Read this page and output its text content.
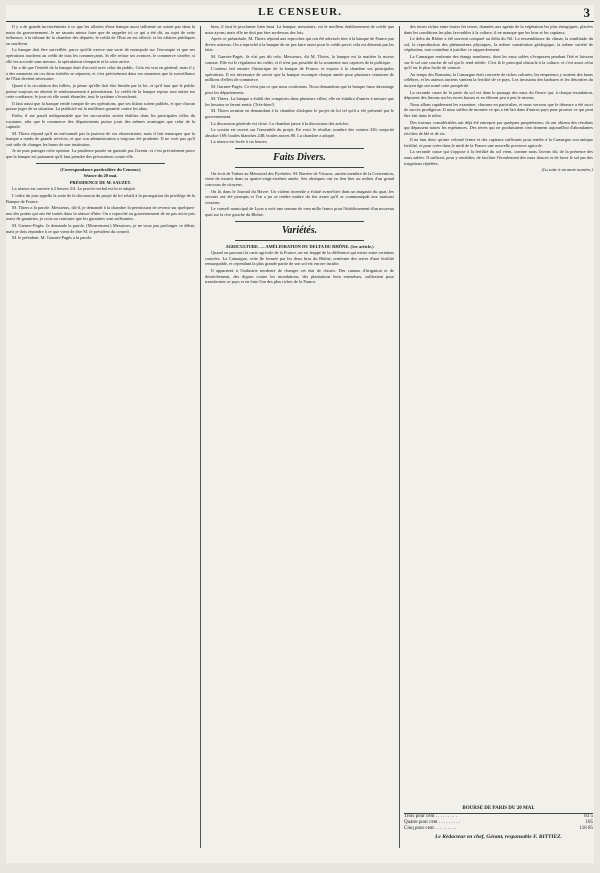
LE CENSEUR.	3

Il y a de grands inconvénients à ce que les affaires d'une banque aussi influente ne soient pas dans la main du gouvernement. Je ne saurais mieux faire que de rappeler ici ce qui a été dit, au sujet de cette influence, à la tribune de la chambre des députés; le crédit de l'Etat en est affecté, et les affaires publiques en souffrent.

La banque doit être surveillée, parce qu'elle exerce une sorte de monopole sur l'escompte et que ses opérations touchent au crédit de tous les commerçants. Si elle refuse ses avances, le commerce s'arrête; si elle les accorde sans mesure, la spéculation s'emporte et la crise arrive.

On a dit que l'intérêt de la banque était d'accord avec celui du public. Cela est vrai en général; mais il y a des moments où ces deux intérêts se séparent, et c'est précisément dans ces moments que la surveillance de l'Etat devient nécessaire.

Quant à la circulation des billets, je pense qu'elle doit être limitée par la loi, et qu'il faut que le public puisse toujours en obtenir le remboursement à présentation. Le crédit de la banque repose tout entier sur cette confiance; le jour où elle serait ébranlée, tout le système s'écroulerait.

Il faut aussi que la banque rende compte de ses opérations, que ses bilans soient publiés, et que chacun puisse juger de sa situation. La publicité est la meilleure garantie contre les abus.

Enfin, il me paraît indispensable que les succursales soient établies dans les principales villes du royaume, afin que le commerce des départements puisse jouir des mêmes avantages que celui de la capitale.

M. Thiers répond qu'il ne méconnaît pas la justesse de ces observations; mais il fait remarquer que la banque a rendu de grands services, et que son administration a toujours été prudente. Il ne croit pas qu'il soit utile de changer les bases de son institution.

Je ne puis partager cette opinion. La prudence passée ne garantit pas l'avenir, et c'est précisément parce que la banque est puissante qu'il faut prendre des précautions contre elle.

(Correspondance particulière du Censeur.)

Séance du 20 mai.

PRÉSIDENCE DE M. SAUZET.

La séance est ouverte à 2 heures 3/4. Le procès-verbal est lu et adopté.

L'ordre du jour appelle la suite de la discussion du projet de loi relatif à la prorogation du privilége de la Banque de France.

M. Thiers a la parole. Messieurs, dit-il, je demande à la chambre la permission de revenir sur quelques-uns des points qui ont été traités dans la séance d'hier. On a reproché au gouvernement de ne pas avoir pris assez de garanties; je crois au contraire que les garanties sont suffisantes.

M. Garnier-Pagès. Je demande la parole. (Mouvement.) Messieurs, je ne veux pas prolonger ce débat; mais je dois répondre à ce que vient de dire M. le président du conseil.

M. le président. M. Garnier-Pagès a la parole.

bien, il faut le proclamer bien haut. La banque, messieurs, est le meilleur établissement de crédit que nous ayons; mais elle ne doit pas être au-dessus des lois.

Après ce préambule, M. Thiers répond aux reproches qui ont été adressés hier à la banque de France par divers orateurs. On a reproché à la banque de ne pas faire assez pour le crédit privé; cela est démenti par les faits.

M. Garnier-Pagès. Je n'ai pas dit cela. Messieurs, dit M. Thiers, la banque est la matière la mieux connue. Elle est le régulateur du crédit, et il n'est pas possible de la soumettre aux caprices de la politique.

L'orateur fait ensuite l'historique de la banque de France, et expose à la chambre ses principales opérations. Il est nécessaire de savoir que la banque escompte chaque année pour plusieurs centaines de millions d'effets de commerce.

M. Garnier-Pagès. Ce n'est pas ce que nous contestons. Nous demandons que la banque fasse davantage pour les départements.

M. Thiers. La banque a établi des comptoirs dans plusieurs villes; elle en établira d'autres à mesure que les besoins se feront sentir. (Très-bien!)

M. Thiers termine en demandant à la chambre d'adopter le projet de loi tel qu'il a été présenté par le gouvernement.

La discussion générale est close. La chambre passe à la discussion des articles.

Le scrutin est ouvert sur l'ensemble du projet. En voici le résultat: nombre des votants 336; majorité absolue 169; boules blanches 248; boules noires 88. La chambre a adopté.

La séance est levée à six heures.

Faits Divers.

On écrit de Tarbes au Mémorial des Pyrénées: M. Barrère de Vieuzac, ancien membre de la Convention, vient de mourir dans sa quatre-vingt-sixième année. Ses obsèques ont eu lieu hier au milieu d'un grand concours de citoyens.

On lit dans le Journal du Havre: Un violent incendie a éclaté avant-hier dans un magasin du quai; les secours ont été prompts et l'on a pu se rendre maître du feu avant qu'il se communiquât aux maisons voisines.

Le conseil municipal de Lyon a voté une somme de cent mille francs pour l'établissement d'un nouveau quai sur la rive gauche du Rhône.

Variétés.

AGRICULTURE. — AMÉLIORATION DU DELTA DU RHÔNE. (1er article.)

Quand on parcourt la carte agricole de la France, on est frappé de la différence qui existe entre certaines contrées. La Camargue, cette île formée par les deux bras du Rhône, renferme des terres d'une fertilité remarquable, et cependant la plus grande partie de son sol est encore inculte.

Il appartient à l'industrie moderne de changer cet état de choses. Des canaux d'irrigation et de dessèchement, des digues contre les inondations, des plantations bien entendues, suffiraient pour transformer ce pays et en faire l'un des plus riches de la France.

des terres riches entre toutes les terres, données aux agents de la végétation les plus énergiques, placées dans les conditions les plus favorables à la culture, il ne manque que les bras et les capitaux.

Le delta du Rhône a été souvent comparé au delta du Nil. La ressemblance du climat, la similitude du sol, la reproduction des phénomènes physiques, la même constitution géologique, la même variété de végétation, tout contribue à justifier ce rapprochement.

La Camargue renferme des étangs nombreux, dont les eaux salées s'évaporent pendant l'été et laissent sur le sol une couche de sel qui le rend stérile. C'est là le principal obstacle à la culture, et c'est aussi celui qu'il est le plus facile de vaincre.

Au temps des Romains, la Camargue était couverte de riches cultures; les empereurs y avaient des haras célèbres, et les auteurs anciens vantent la fertilité de ce pays. Les invasions des barbares et les désordres du moyen âge ont ruiné cette prospérité.

La seconde cause de la perte du sol est dans le passage des eaux du fleuve qui, à chaque inondation, déposent des limons sur les terres basses et en élèvent peu à peu le niveau.

Nous allons rapidement les examiner, chacune en particulier, et nous verrons que le désastre a été suivi de succès prodigieux. Il nous suffira de montrer ce qui a été fait dans d'autres pays pour prouver ce qui peut être fait dans le nôtre.

Des travaux considérables ont déjà été entrepris par quelques propriétaires; ils ont obtenu des résultats qui dépassent toutes les espérances. Des terres qui ne produisaient rien donnent aujourd'hui d'abondantes récoltes de blé et de riz.

Il ne faut donc qu'une volonté ferme et des capitaux suffisants pour rendre à la Camargue son antique fertilité, et pour créer dans le midi de la France une nouvelle province agricole.

La seconde cause qui s'oppose à la fertilité du sol vient, comme nous l'avons dit, de la présence des eaux salées. Il suffirait, pour y remédier, de faciliter l'écoulement des eaux douces et de laver le sol par des irrigations répétées.

(La suite à un autre numéro.)

BOURSE DE PARIS DU 20 MAI.	
Trois pour cent . . . . . . . . .	83 5
Quatre pour cent . . . . . . . . .	105
Cinq pour cent . . . . . . . . .	118 85
Le Rédacteur en chef, Gérant, responsable F. RITTIEZ.
